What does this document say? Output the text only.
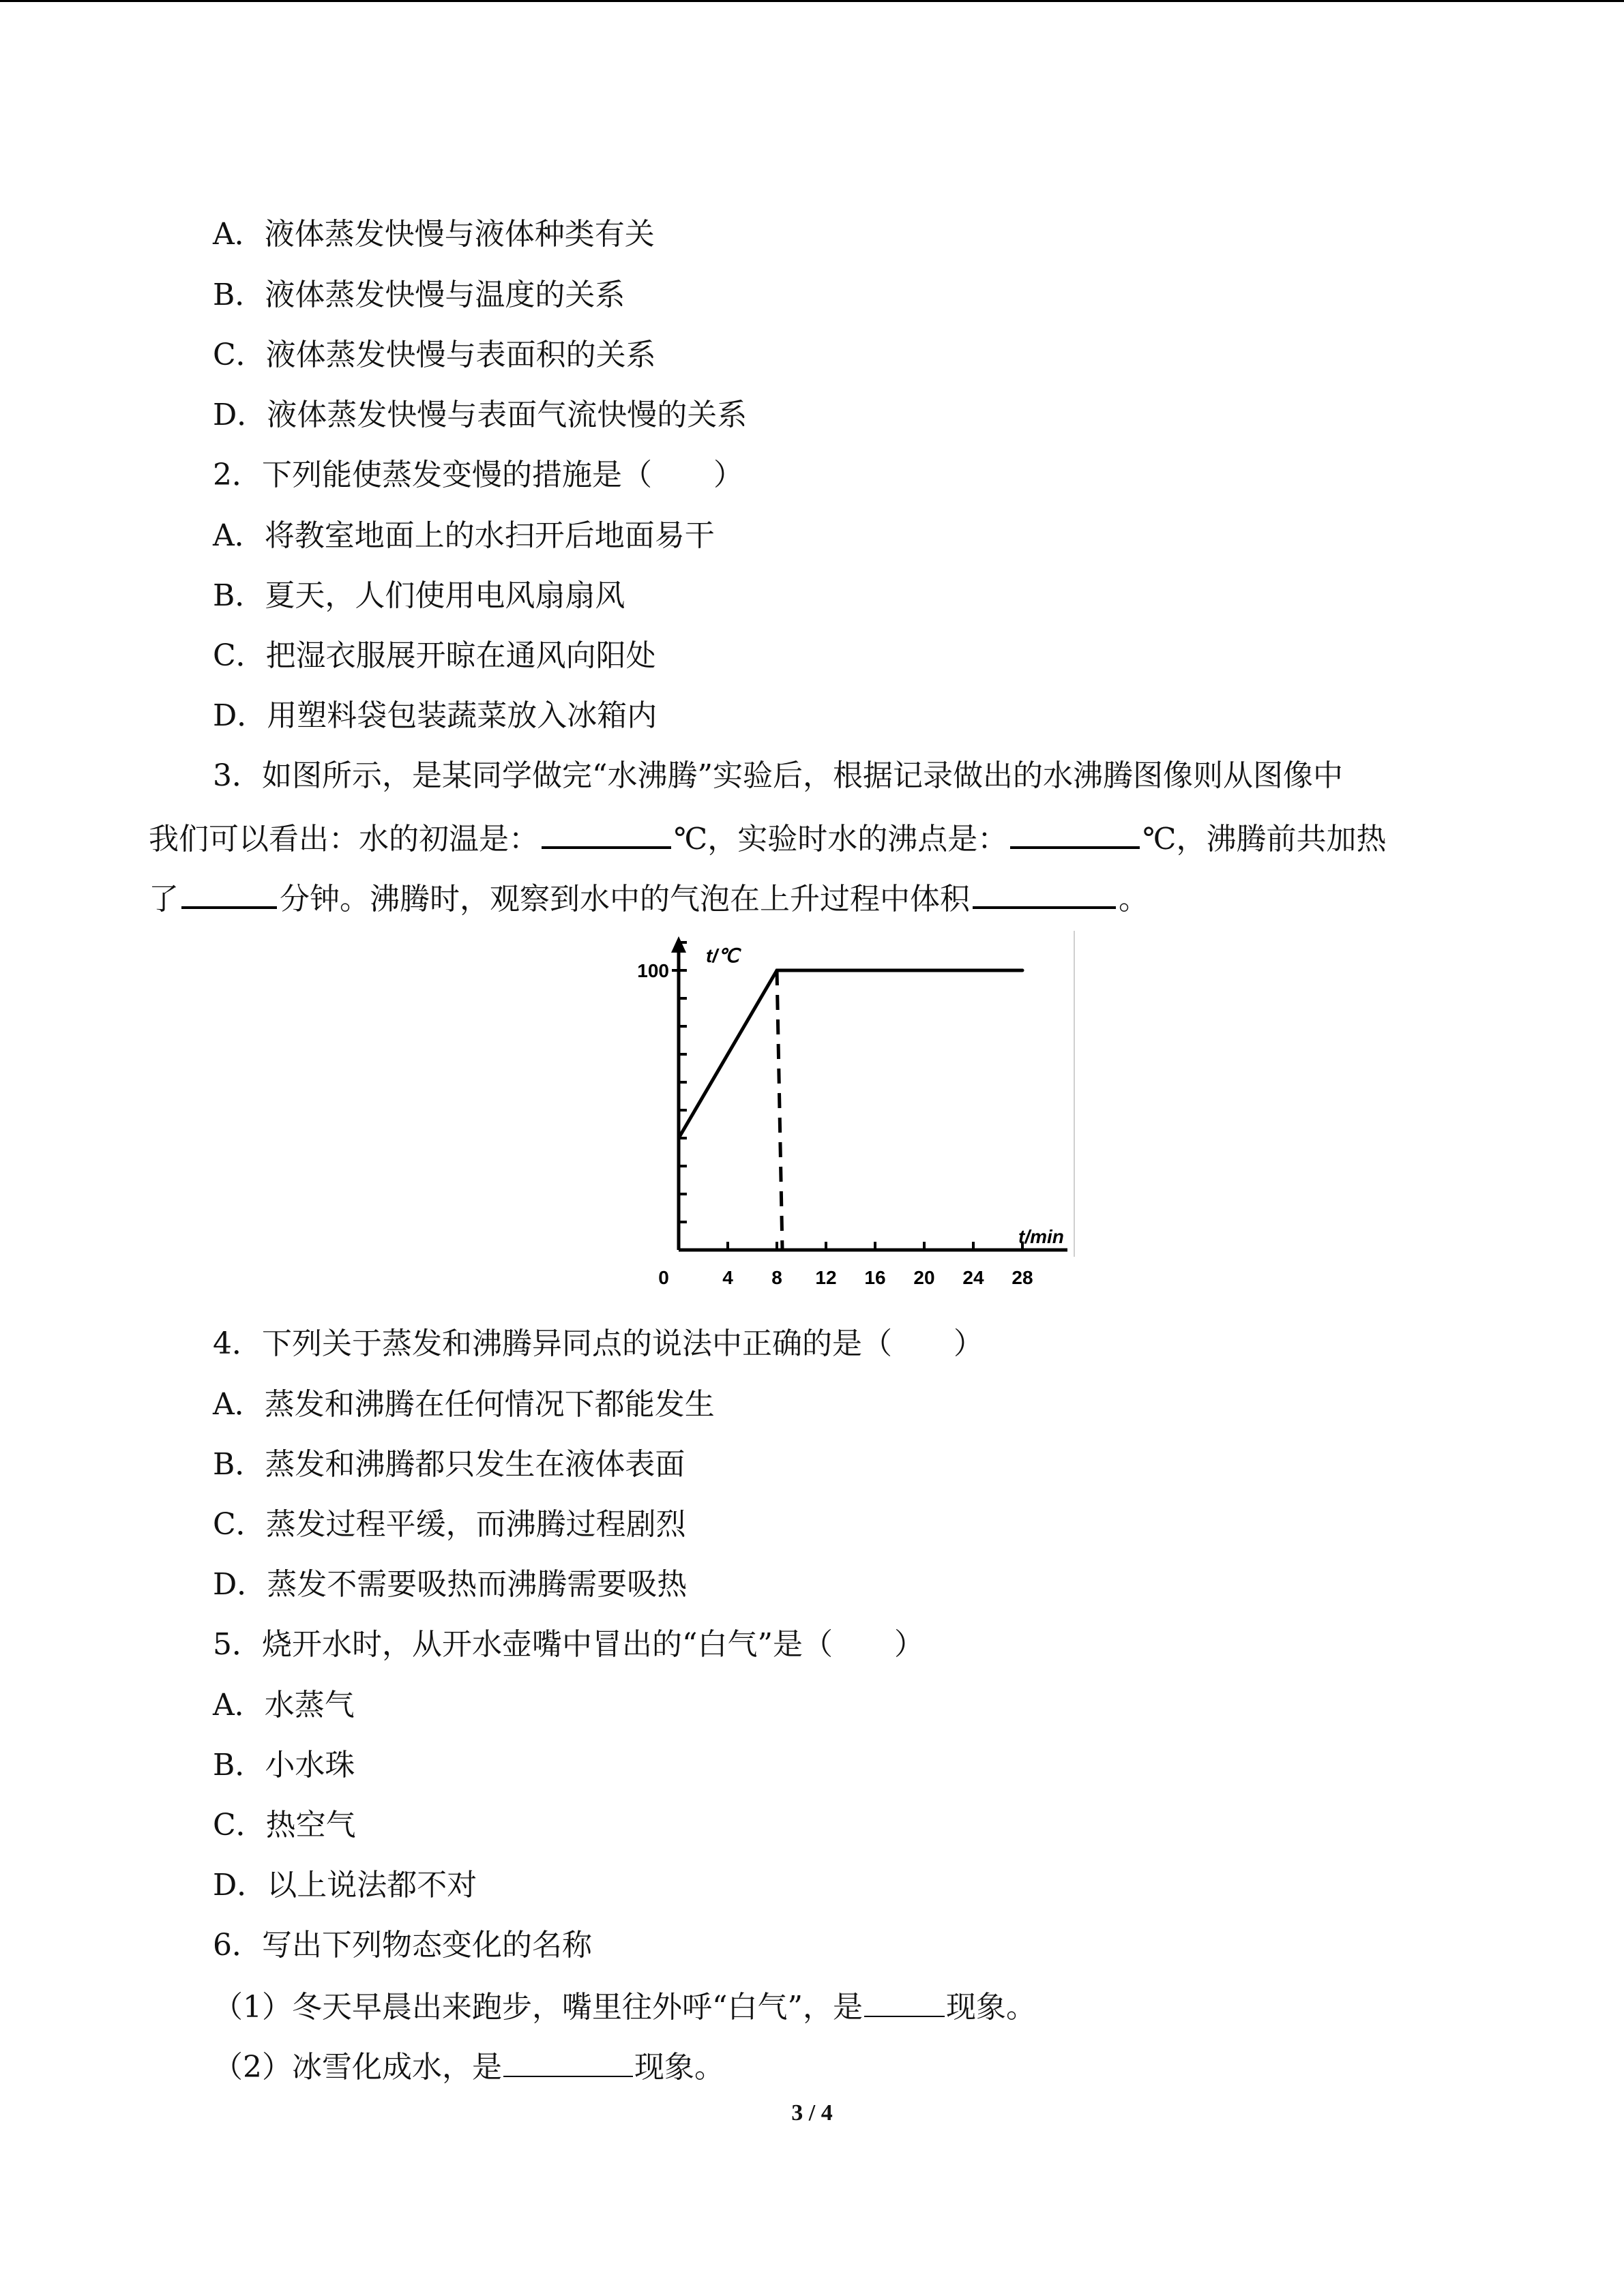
A．液体蒸发快慢与液体种类有关
B．液体蒸发快慢与温度的关系
C．液体蒸发快慢与表面积的关系
D．液体蒸发快慢与表面气流快慢的关系
2．下列能使蒸发变慢的措施是（ ）
A．将教室地面上的水扫开后地面易干
B．夏天，人们使用电风扇扇风
C．把湿衣服展开晾在通风向阳处
D．用塑料袋包装蔬菜放入冰箱内
3．如图所示，是某同学做完“水沸腾”实验后，根据记录做出的水沸腾图像则从图像中
我们可以看出：水的初温是：	℃，实验时水的沸点是：	℃，沸腾前共加热
了	分钟。沸腾时，观察到水中的气泡在上升过程中体积	。
100
0	4 8 12 16 20 24 28
t/℃
t/min
4．下列关于蒸发和沸腾异同点的说法中正确的是（ ）
A．蒸发和沸腾在任何情况下都能发生
B．蒸发和沸腾都只发生在液体表面
C．蒸发过程平缓，而沸腾过程剧烈
D．蒸发不需要吸热而沸腾需要吸热
5．烧开水时，从开水壶嘴中冒出的“白气”是（ ）
A．水蒸气
B．小水珠
C．热空气
D．以上说法都不对
6．写出下列物态变化的名称
（1）冬天早晨出来跑步，嘴里往外呼“白气”，是	现象。
（2）冰雪化成水，是	现象。
3 / 4
